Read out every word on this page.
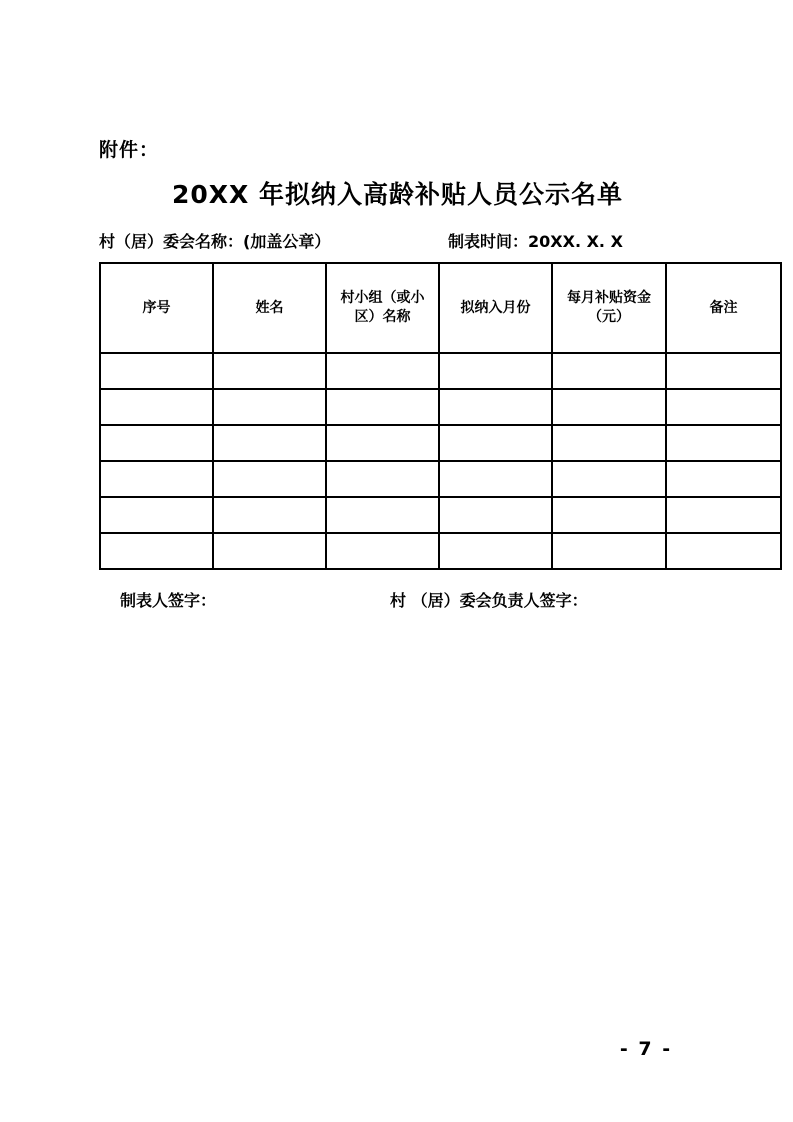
附件：
20XX 年拟纳入高龄补贴人员公示名单
村（居）委会名称：(加盖公章）	制表时间：20XX. X. X
序号	姓名	村小组（或小区）名称	拟纳入月份	每月补贴资金 （元）	备注

制表人签字：	村 （居）委会负责人签字：
- 7 -
